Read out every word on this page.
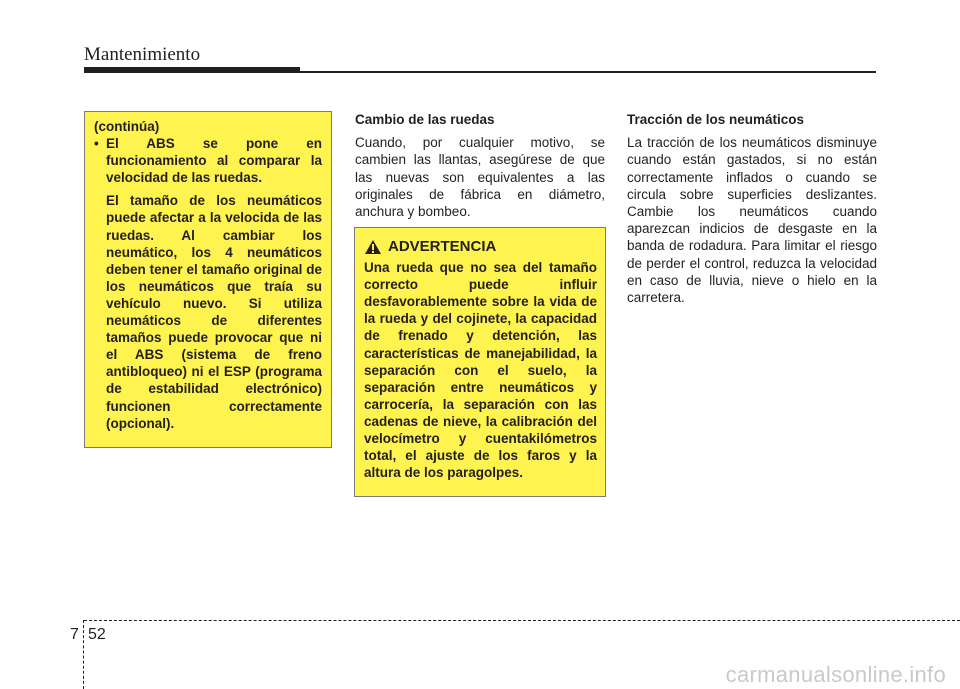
Mantenimiento

(continúa)

• El ABS se pone en funcionamiento al comparar la velocidad de las ruedas.

El tamaño de los neumáticos puede afectar a la velocida de las ruedas. Al cambiar los neumático, los 4 neumáticos deben tener el tamaño original de los neumáticos que traía su vehículo nuevo. Si utiliza neumáticos de diferentes tamaños puede provocar que ni el ABS (sistema de freno antibloqueo) ni el ESP (programa de estabilidad electrónico) funcionen correctamente (opcional).

Cambio de las ruedas

Cuando, por cualquier motivo, se cambien las llantas, asegúrese de que las nuevas son equivalentes a las originales de fábrica en diámetro, anchura y bombeo.

ADVERTENCIA

Una rueda que no sea del tamaño correcto puede influir desfavorablemente sobre la vida de la rueda y del cojinete, la capacidad de frenado y detención, las características de manejabilidad, la separación con el suelo, la separación entre neumáticos y carrocería, la separación con las cadenas de nieve, la calibración del velocímetro y cuentakilómetros total, el ajuste de los faros y la altura de los paragolpes.

Tracción de los neumáticos

La tracción de los neumáticos disminuye cuando están gastados, si no están correctamente inflados o cuando se circula sobre superficies deslizantes. Cambie los neumáticos cuando aparezcan indicios de desgaste en la banda de rodadura. Para limitar el riesgo de perder el control, reduzca la velocidad en caso de lluvia, nieve o hielo en la carretera.

7 52
carmanualsonline.info
